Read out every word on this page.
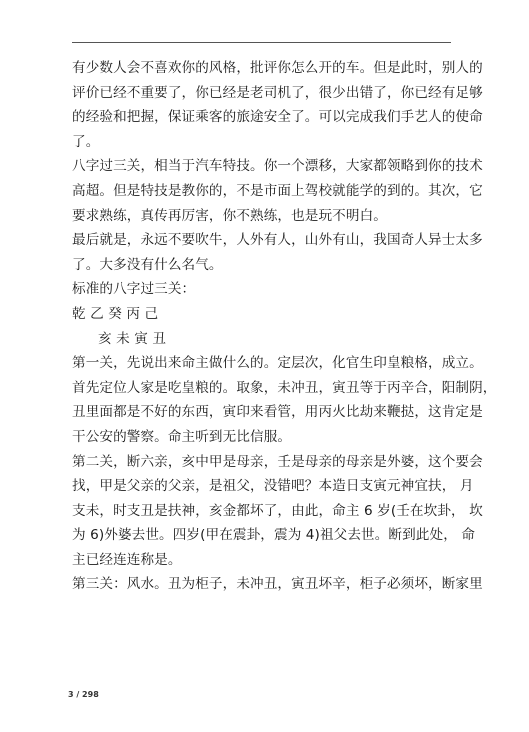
有少数人会不喜欢你的风格，批评你怎么开的车。但是此时，别人的
评价已经不重要了，你已经是老司机了，很少出错了，你已经有足够
的经验和把握，保证乘客的旅途安全了。可以完成我们手艺人的使命
了。

八字过三关，相当于汽车特技。你一个漂移，大家都领略到你的技术
高超。但是特技是教你的，不是市面上驾校就能学的到的。其次，它
要求熟练，真传再厉害，你不熟练，也是玩不明白。

最后就是，永远不要吹牛，人外有人，山外有山，我国奇人异士太多
了。大多没有什么名气。

标准的八字过三关：

乾 乙 癸 丙 己

亥 未 寅 丑

第一关，先说出来命主做什么的。定层次，化官生印皇粮格，成立。
首先定位人家是吃皇粮的。取象，未冲丑，寅丑等于丙辛合，阳制阴，
丑里面都是不好的东西，寅印来看管，用丙火比劫来鞭挞，这肯定是
干公安的警察。命主听到无比信服。

第二关，断六亲，亥中甲是母亲，壬是母亲的母亲是外婆，这个要会
找，甲是父亲的父亲，是祖父，没错吧？本造日支寅元神宜扶， 月
支未，时支丑是扶神，亥金都坏了，由此，命主 6 岁(壬在坎卦， 坎
为 6)外婆去世。四岁(甲在震卦，震为 4)祖父去世。断到此处， 命
主已经连连称是。

第三关：风水。丑为柜子，未冲丑，寅丑坏辛，柜子必须坏，断家里

3 / 298
